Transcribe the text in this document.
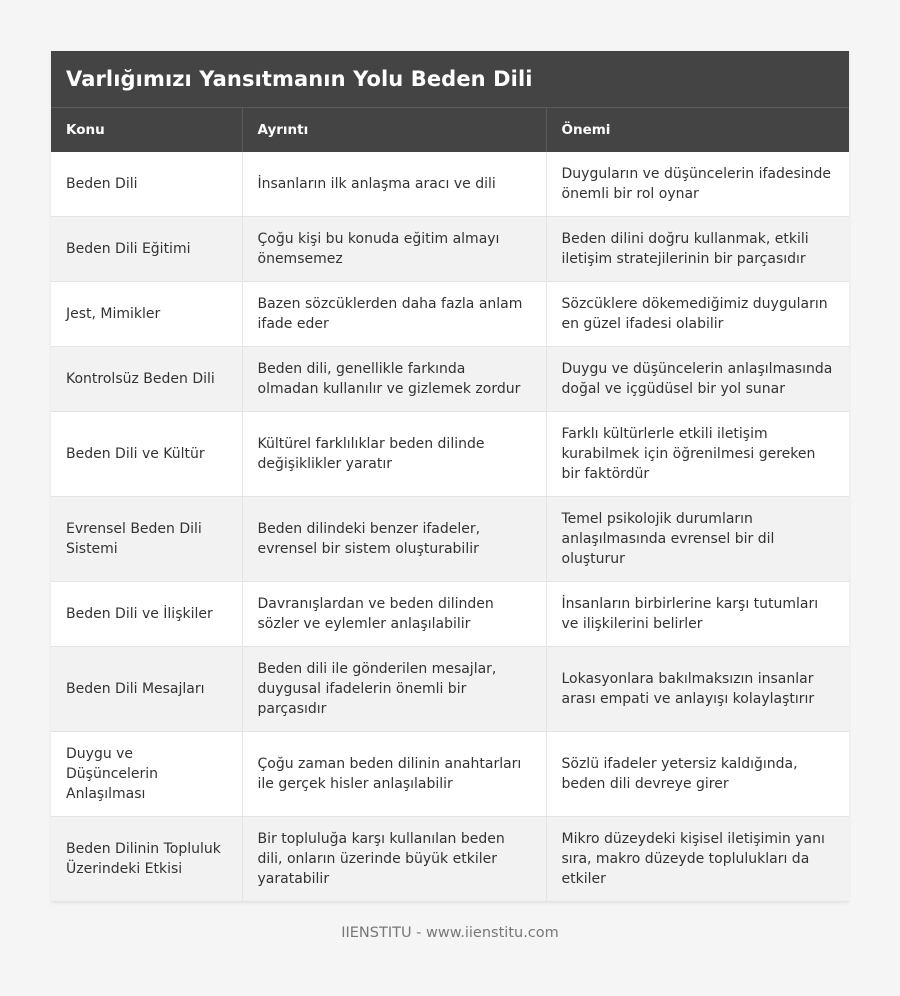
Varlığımızı Yansıtmanın Yolu Beden Dili
Konu	Ayrıntı	Önemi
Beden Dili	İnsanların ilk anlaşma aracı ve dili	Duyguların ve düşüncelerin ifadesinde önemli bir rol oynar
Beden Dili Eğitimi	Çoğu kişi bu konuda eğitim almayı önemsemez	Beden dilini doğru kullanmak, etkili iletişim stratejilerinin bir parçasıdır
Jest, Mimikler	Bazen sözcüklerden daha fazla anlam ifade eder	Sözcüklere dökemediğimiz duyguların en güzel ifadesi olabilir
Kontrolsüz Beden Dili	Beden dili, genellikle farkında olmadan kullanılır ve gizlemek zordur	Duygu ve düşüncelerin anlaşılmasında doğal ve içgüdüsel bir yol sunar
Beden Dili ve Kültür	Kültürel farklılıklar beden dilinde değişiklikler yaratır	Farklı kültürlerle etkili iletişim kurabilmek için öğrenilmesi gereken bir faktördür
Evrensel Beden Dili Sistemi	Beden dilindeki benzer ifadeler, evrensel bir sistem oluşturabilir	Temel psikolojik durumların anlaşılmasında evrensel bir dil oluşturur
Beden Dili ve İlişkiler	Davranışlardan ve beden dilinden sözler ve eylemler anlaşılabilir	İnsanların birbirlerine karşı tutumları ve ilişkilerini belirler
Beden Dili Mesajları	Beden dili ile gönderilen mesajlar, duygusal ifadelerin önemli bir parçasıdır	Lokasyonlara bakılmaksızın insanlar arası empati ve anlayışı kolaylaştırır
Duygu ve Düşüncelerin Anlaşılması	Çoğu zaman beden dilinin anahtarları ile gerçek hisler anlaşılabilir	Sözlü ifadeler yetersiz kaldığında, beden dili devreye girer
Beden Dilinin Topluluk Üzerindeki Etkisi	Bir topluluğa karşı kullanılan beden dili, onların üzerinde büyük etkiler yaratabilir	Mikro düzeydeki kişisel iletişimin yanı sıra, makro düzeyde toplulukları da etkiler
IIENSTITU - www.iienstitu.com
